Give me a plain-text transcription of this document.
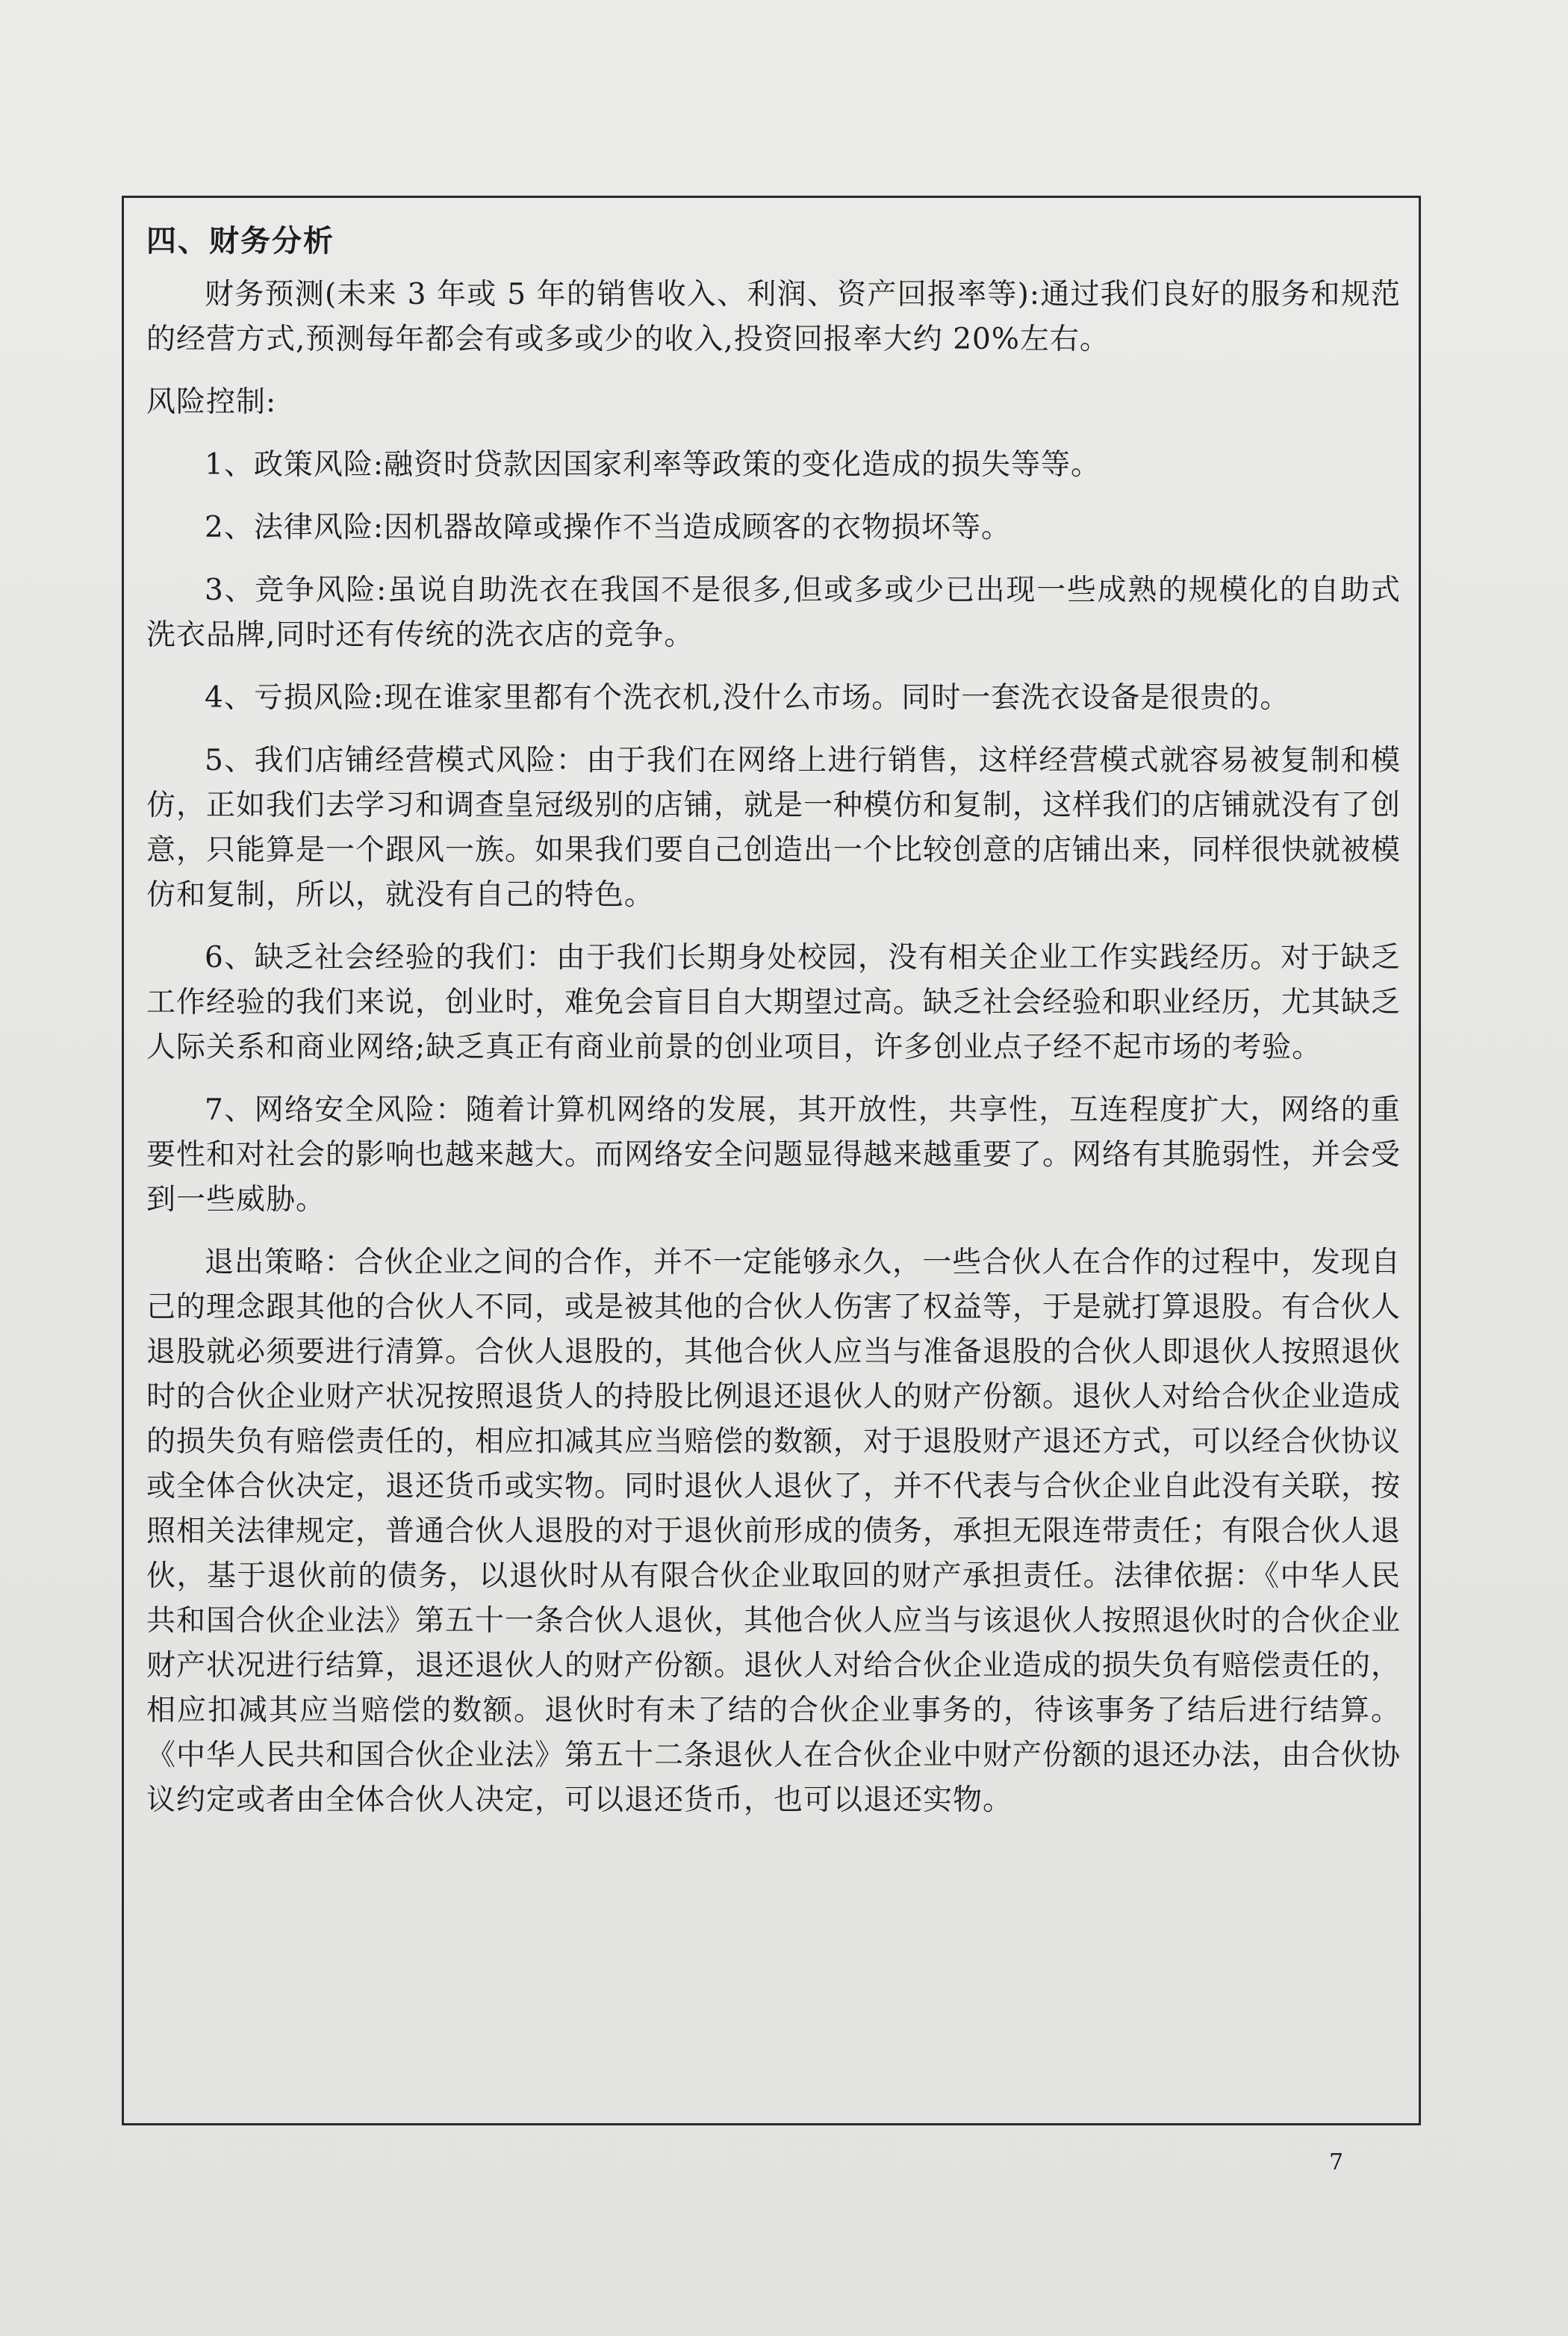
四、财务分析

财务预测(未来 3 年或 5 年的销售收入、利润、资产回报率等):通过我们良好的服务和规范的经营方式,预测每年都会有或多或少的收入,投资回报率大约 20%左右。

风险控制:

1、政策风险:融资时贷款因国家利率等政策的变化造成的损失等等。

2、法律风险:因机器故障或操作不当造成顾客的衣物损坏等。

3、竞争风险:虽说自助洗衣在我国不是很多,但或多或少已出现一些成熟的规模化的自助式洗衣品牌,同时还有传统的洗衣店的竞争。

4、亏损风险:现在谁家里都有个洗衣机,没什么市场。同时一套洗衣设备是很贵的。

5、我们店铺经营模式风险：由于我们在网络上进行销售，这样经营模式就容易被复制和模仿，正如我们去学习和调查皇冠级别的店铺，就是一种模仿和复制，这样我们的店铺就没有了创意，只能算是一个跟风一族。如果我们要自己创造出一个比较创意的店铺出来，同样很快就被模仿和复制，所以，就没有自己的特色。

6、缺乏社会经验的我们：由于我们长期身处校园，没有相关企业工作实践经历。对于缺乏工作经验的我们来说，创业时，难免会盲目自大期望过高。缺乏社会经验和职业经历，尤其缺乏人际关系和商业网络;缺乏真正有商业前景的创业项目，许多创业点子经不起市场的考验。

7、网络安全风险：随着计算机网络的发展，其开放性，共享性，互连程度扩大，网络的重要性和对社会的影响也越来越大。而网络安全问题显得越来越重要了。网络有其脆弱性，并会受到一些威胁。

退出策略：合伙企业之间的合作，并不一定能够永久，一些合伙人在合作的过程中，发现自己的理念跟其他的合伙人不同，或是被其他的合伙人伤害了权益等，于是就打算退股。有合伙人退股就必须要进行清算。合伙人退股的，其他合伙人应当与准备退股的合伙人即退伙人按照退伙时的合伙企业财产状况按照退货人的持股比例退还退伙人的财产份额。退伙人对给合伙企业造成的损失负有赔偿责任的，相应扣减其应当赔偿的数额，对于退股财产退还方式，可以经合伙协议或全体合伙决定，退还货币或实物。同时退伙人退伙了，并不代表与合伙企业自此没有关联，按照相关法律规定，普通合伙人退股的对于退伙前形成的债务，承担无限连带责任；有限合伙人退伙，基于退伙前的债务，以退伙时从有限合伙企业取回的财产承担责任。法律依据：《中华人民共和国合伙企业法》第五十一条合伙人退伙，其他合伙人应当与该退伙人按照退伙时的合伙企业财产状况进行结算，退还退伙人的财产份额。退伙人对给合伙企业造成的损失负有赔偿责任的，相应扣减其应当赔偿的数额。退伙时有未了结的合伙企业事务的，待该事务了结后进行结算。《中华人民共和国合伙企业法》第五十二条退伙人在合伙企业中财产份额的退还办法，由合伙协议约定或者由全体合伙人决定，可以退还货币，也可以退还实物。

7
